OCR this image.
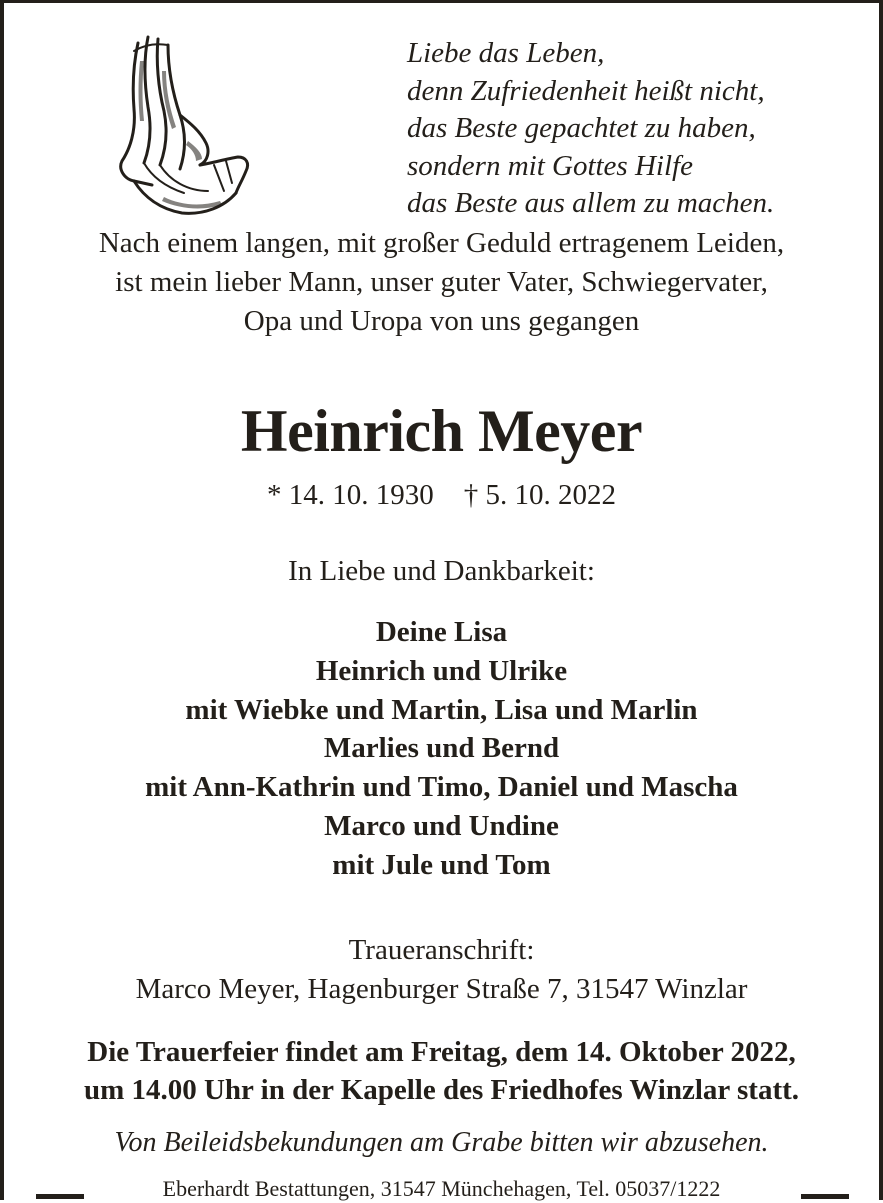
Liebe das Leben,
denn Zufriedenheit heißt nicht,
das Beste gepachtet zu haben,
sondern mit Gottes Hilfe
das Beste aus allem zu machen.
Nach einem langen, mit großer Geduld ertragenem Leiden,
ist mein lieber Mann, unser guter Vater, Schwiegervater,
Opa und Uropa von uns gegangen
Heinrich Meyer
* 14. 10. 1930 † 5. 10. 2022
In Liebe und Dankbarkeit:
Deine Lisa
Heinrich und Ulrike
mit Wiebke und Martin, Lisa und Marlin
Marlies und Bernd
mit Ann-Kathrin und Timo, Daniel und Mascha
Marco und Undine
mit Jule und Tom
Traueranschrift:
Marco Meyer, Hagenburger Straße 7, 31547 Winzlar
Die Trauerfeier findet am Freitag, dem 14. Oktober 2022,
um 14.00 Uhr in der Kapelle des Friedhofes Winzlar statt.
Von Beileidsbekundungen am Grabe bitten wir abzusehen.
Eberhardt Bestattungen, 31547 Münchehagen, Tel. 05037/1222
